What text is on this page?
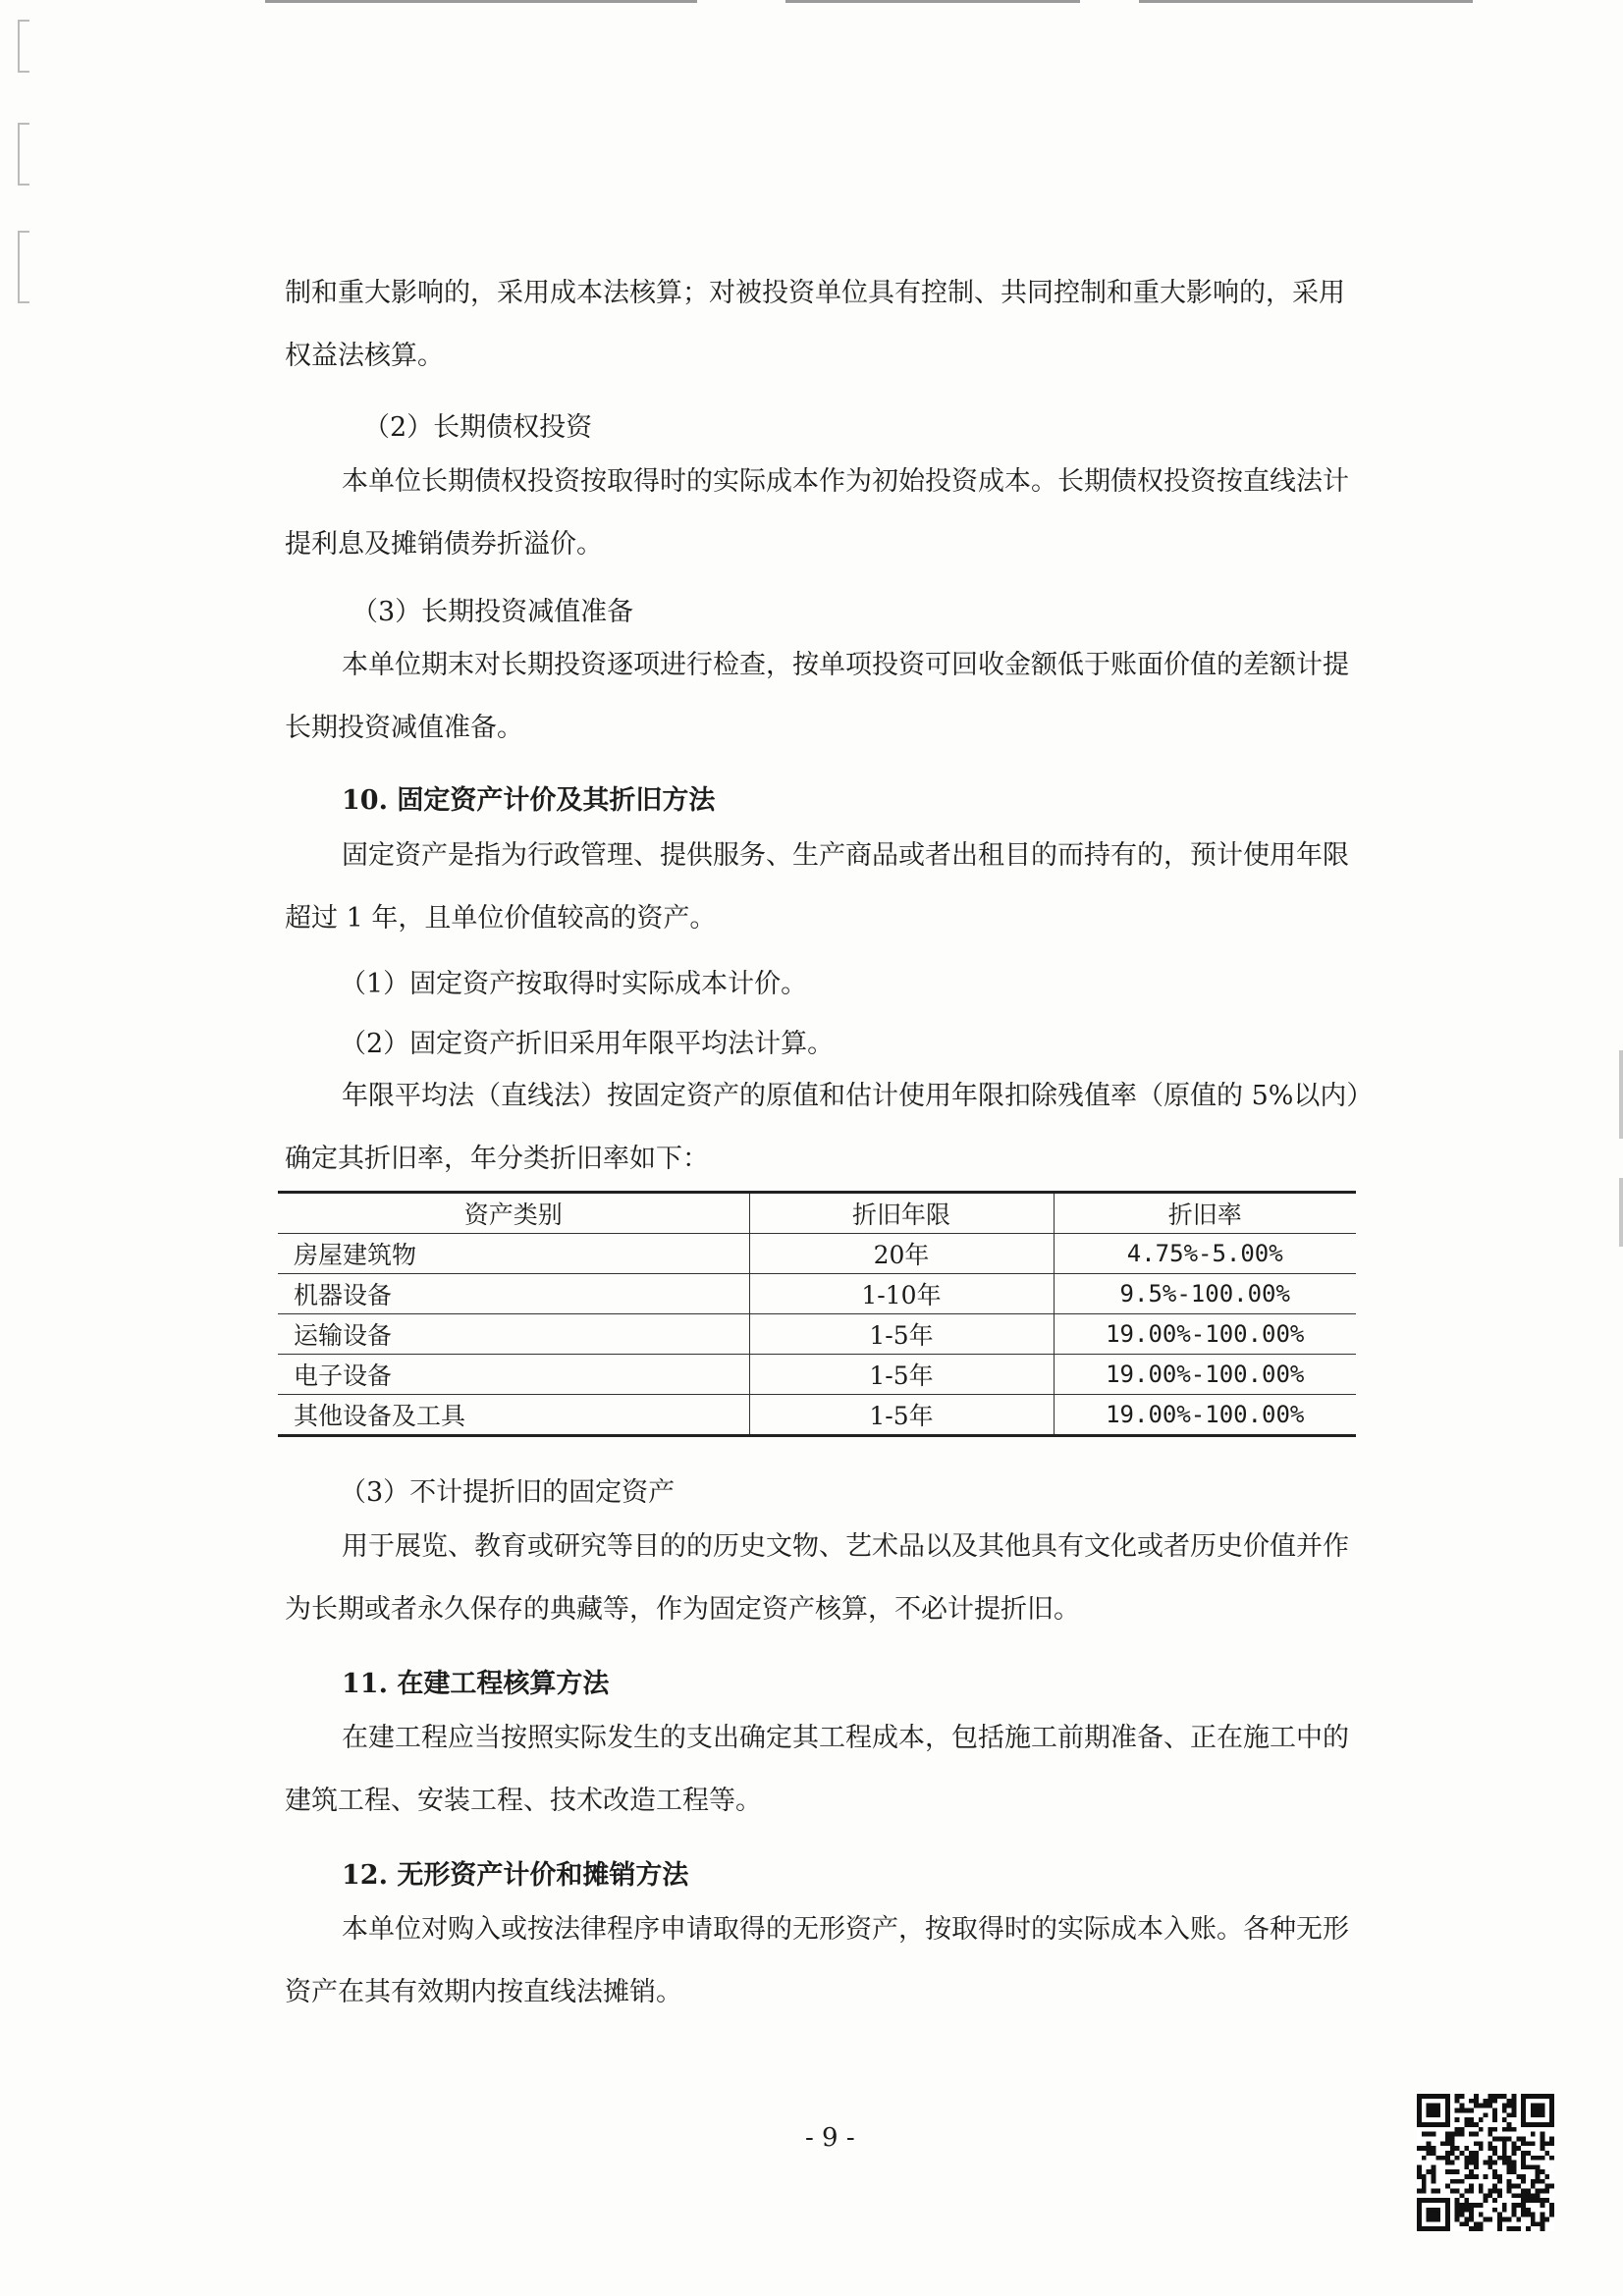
制和重大影响的，采用成本法核算；对被投资单位具有控制、共同控制和重大影响的，采用权益法核算。

（2）长期债权投资

本单位长期债权投资按取得时的实际成本作为初始投资成本。长期债权投资按直线法计提利息及摊销债券折溢价。

（3）长期投资减值准备

本单位期末对长期投资逐项进行检查，按单项投资可回收金额低于账面价值的差额计提长期投资减值准备。

10. 固定资产计价及其折旧方法

固定资产是指为行政管理、提供服务、生产商品或者出租目的而持有的，预计使用年限超过 1 年，且单位价值较高的资产。

（1）固定资产按取得时实际成本计价。
（2）固定资产折旧采用年限平均法计算。

年限平均法（直线法）按固定资产的原值和估计使用年限扣除残值率（原值的 5%以内）确定其折旧率，年分类折旧率如下：

资产类别	折旧年限	折旧率
房屋建筑物	20年	4.75%-5.00%
机器设备	1-10年	9.5%-100.00%
运输设备	1-5年	19.00%-100.00%
电子设备	1-5年	19.00%-100.00%
其他设备及工具	1-5年	19.00%-100.00%
（3）不计提折旧的固定资产

用于展览、教育或研究等目的的历史文物、艺术品以及其他具有文化或者历史价值并作为长期或者永久保存的典藏等，作为固定资产核算，不必计提折旧。

11. 在建工程核算方法

在建工程应当按照实际发生的支出确定其工程成本，包括施工前期准备、正在施工中的建筑工程、安装工程、技术改造工程等。

12. 无形资产计价和摊销方法

本单位对购入或按法律程序申请取得的无形资产，按取得时的实际成本入账。各种无形资产在其有效期内按直线法摊销。

- 9 -
